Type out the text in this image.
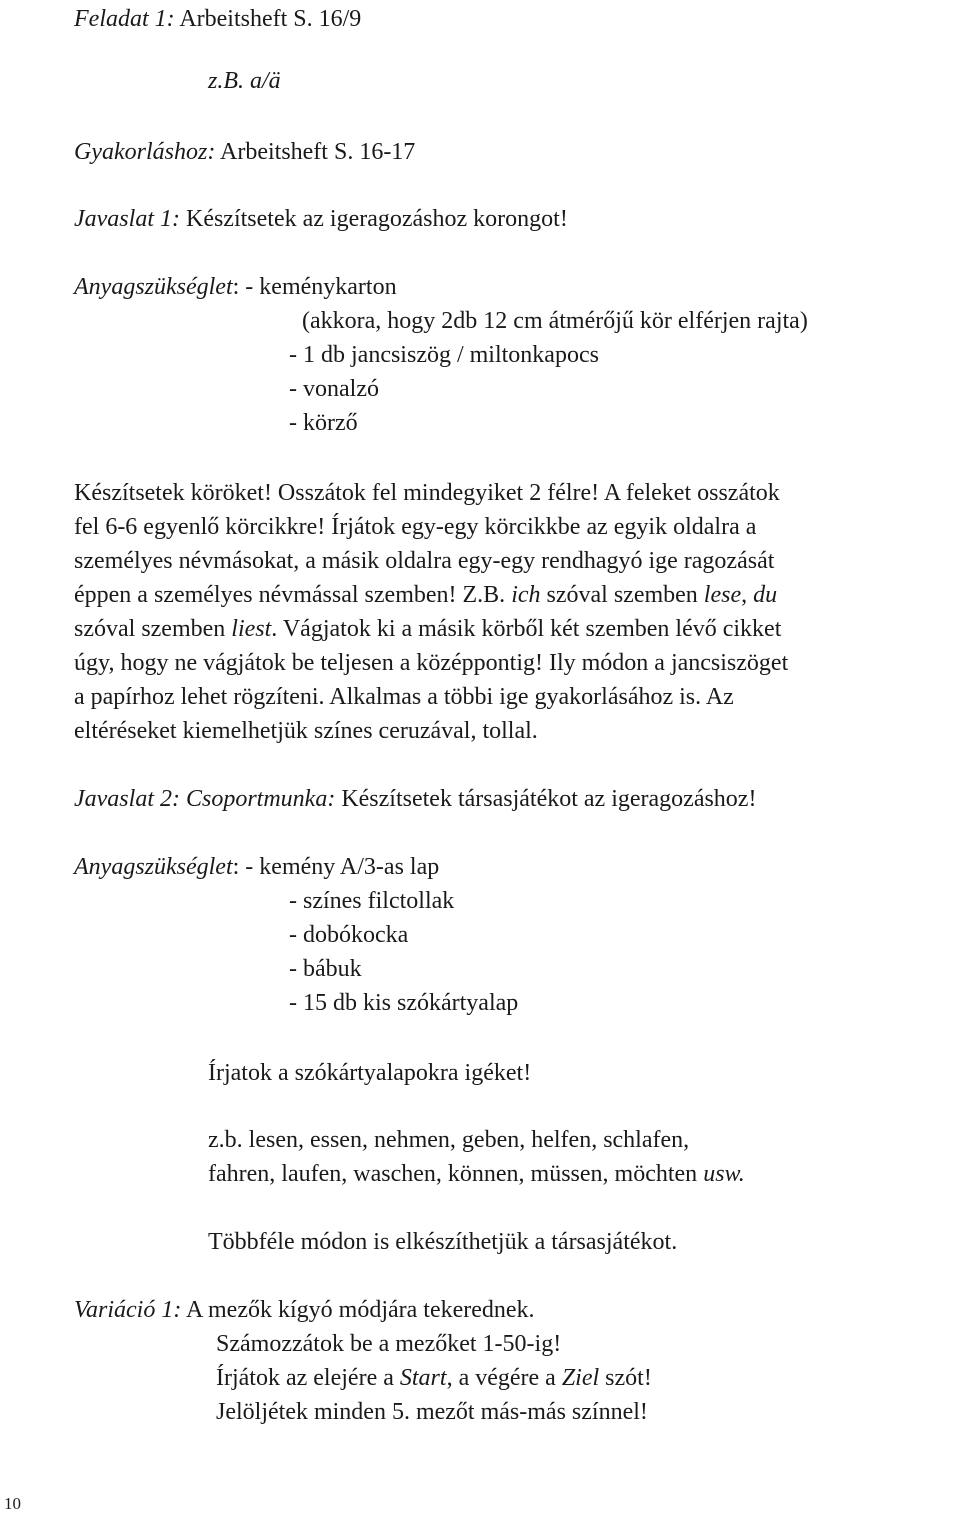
Feladat 1: Arbeitsheft S. 16/9
z.B. a/ä
Gyakorláshoz: Arbeitsheft S. 16-17
Javaslat 1: Készítsetek az igeragozáshoz korongot!
Anyagszükséglet: - keménykarton
(akkora, hogy 2db 12 cm átmérőjű kör elférjen rajta)
- 1 db jancsiszög / miltonkapocs
- vonalzó
- körző
Készítsetek köröket! Osszátok fel mindegyiket 2 félre! A feleket osszátok
fel 6-6 egyenlő körcikkre! Írjátok egy-egy körcikkbe az egyik oldalra a
személyes névmásokat, a másik oldalra egy-egy rendhagyó ige ragozását
éppen a személyes névmással szemben! Z.B. ich szóval szemben lese, du
szóval szemben liest. Vágjatok ki a másik körből két szemben lévő cikket
úgy, hogy ne vágjátok be teljesen a középpontig! Ily módon a jancsiszöget
a papírhoz lehet rögzíteni. Alkalmas a többi ige gyakorlásához is. Az
eltéréseket kiemelhetjük színes ceruzával, tollal.
Javaslat 2: Csoportmunka: Készítsetek társasjátékot az igeragozáshoz!
Anyagszükséglet: - kemény A/3-as lap
- színes filctollak
- dobókocka
- bábuk
- 15 db kis szókártyalap
Írjatok a szókártyalapokra igéket!
z.b. lesen, essen, nehmen, geben, helfen, schlafen,
fahren, laufen, waschen, können, müssen, möchten usw.
Többféle módon is elkészíthetjük a társasjátékot.
Variáció 1: A mezők kígyó módjára tekerednek.
Számozzátok be a mezőket 1-50-ig!
Írjátok az elejére a Start, a végére a Ziel szót!
Jelöljétek minden 5. mezőt más-más színnel!
10
